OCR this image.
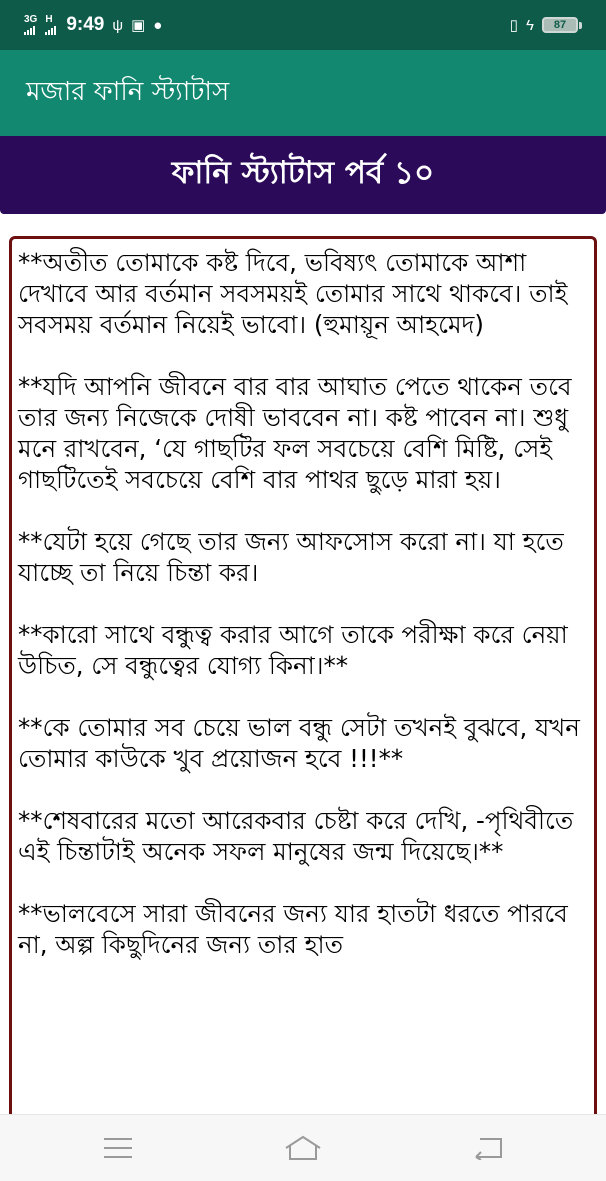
3G H 9:49 ψ ▣ ●	▯ ϟ 87
মজার ফানি স্ট্যাটাস
ফানি স্ট্যাটাস পর্ব ১০

**অতীত তোমাকে কষ্ট দিবে, ভবিষ্যৎ তোমাকে আশা দেখাবে আর বর্তমান সবসময়ই তোমার সাথে থাকবে। তাই সবসময় বর্তমান নিয়েই ভাবো। (হুমায়ূন আহমেদ)

**যদি আপনি জীবনে বার বার আঘাত পেতে থাকেন তবে তার জন্য নিজেকে দোষী ভাববেন না। কষ্ট পাবেন না। শুধু মনে রাখবেন, ‘যে গাছটির ফল সবচেয়ে বেশি মিষ্টি, সেই গাছটিতেই সবচেয়ে বেশি বার পাথর ছুড়ে মারা হয়।

**যেটা হয়ে গেছে তার জন্য আফসোস করো না। যা হতে যাচ্ছে তা নিয়ে চিন্তা কর।

**কারো সাথে বন্ধুত্ব করার আগে তাকে পরীক্ষা করে নেয়া উচিত, সে বন্ধুত্বের যোগ্য কিনা।**

**কে তোমার সব চেয়ে ভাল বন্ধু সেটা তখনই বুঝবে, যখন তোমার কাউকে খুব প্রয়োজন হবে !!!**

**শেষবারের মতো আরেকবার চেষ্টা করে দেখি, -পৃথিবীতে এই চিন্তাটাই অনেক সফল মানুষের জন্ম দিয়েছে।**

**ভালবেসে সারা জীবনের জন্য যার হাতটা ধরতে পারবে না, অল্প কিছুদিনের জন্য তার হাত
